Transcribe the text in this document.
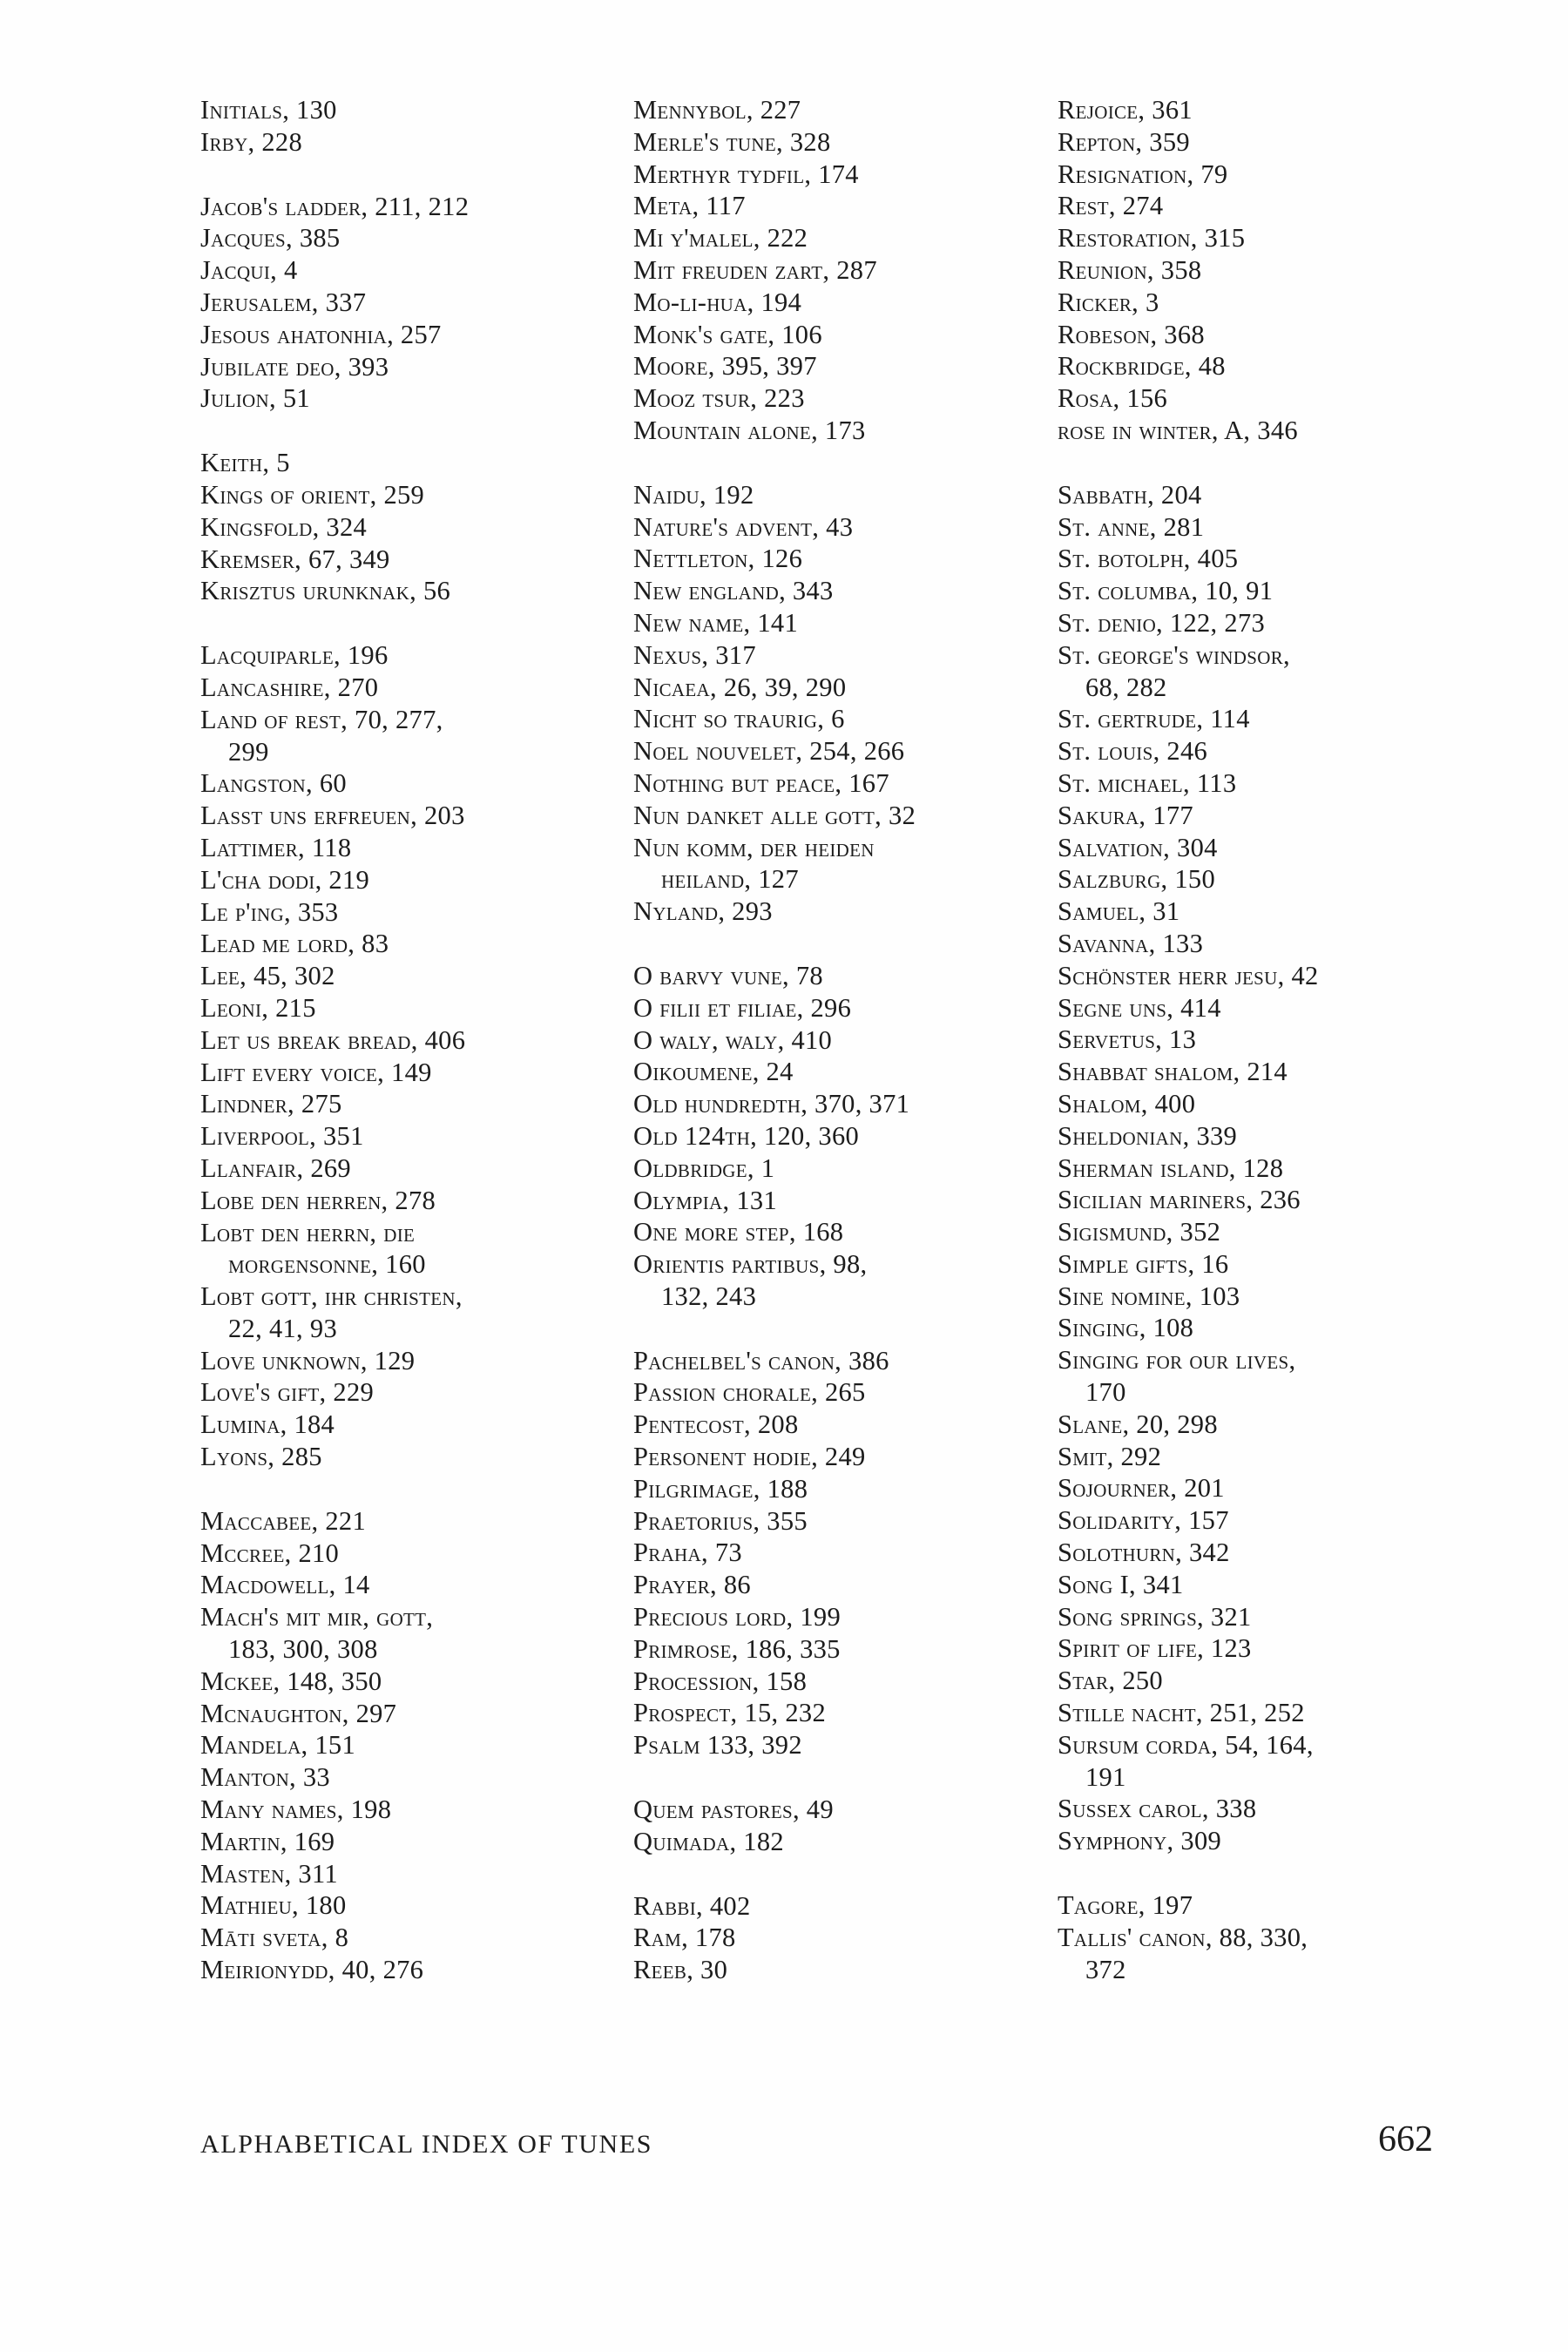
Initials, 130
Irby, 228
Jacob's ladder, 211, 212
Jacques, 385
Jacqui, 4
Jerusalem, 337
Jesous ahatonhia, 257
Jubilate deo, 393
Julion, 51
Keith, 5
Kings of orient, 259
Kingsfold, 324
Kremser, 67, 349
Krisztus urunknak, 56
Lacquiparle, 196
Lancashire, 270
Land of rest, 70, 277,
299
Langston, 60
Lasst uns erfreuen, 203
Lattimer, 118
L'cha dodi, 219
Le p'ing, 353
Lead me lord, 83
Lee, 45, 302
Leoni, 215
Let us break bread, 406
Lift every voice, 149
Lindner, 275
Liverpool, 351
Llanfair, 269
Lobe den herren, 278
Lobt den herrn, die
morgensonne, 160
Lobt gott, ihr christen,
22, 41, 93
Love unknown, 129
Love's gift, 229
Lumina, 184
Lyons, 285
Maccabee, 221
Mccree, 210
Macdowell, 14
Mach's mit mir, gott,
183, 300, 308
Mckee, 148, 350
Mcnaughton, 297
Mandela, 151
Manton, 33
Many names, 198
Martin, 169
Masten, 311
Mathieu, 180
Māti sveta, 8
Meirionydd, 40, 276
Mennybol, 227
Merle's tune, 328
Merthyr tydfil, 174
Meta, 117
Mi y'malel, 222
Mit freuden zart, 287
Mo-li-hua, 194
Monk's gate, 106
Moore, 395, 397
Mooz tsur, 223
Mountain alone, 173
Naidu, 192
Nature's advent, 43
Nettleton, 126
New england, 343
New name, 141
Nexus, 317
Nicaea, 26, 39, 290
Nicht so traurig, 6
Noel nouvelet, 254, 266
Nothing but peace, 167
Nun danket alle gott, 32
Nun komm, der heiden
heiland, 127
Nyland, 293
O barvy vune, 78
O filii et filiae, 296
O waly, waly, 410
Oikoumene, 24
Old hundredth, 370, 371
Old 124th, 120, 360
Oldbridge, 1
Olympia, 131
One more step, 168
Orientis partibus, 98,
132, 243
Pachelbel's canon, 386
Passion chorale, 265
Pentecost, 208
Personent hodie, 249
Pilgrimage, 188
Praetorius, 355
Praha, 73
Prayer, 86
Precious lord, 199
Primrose, 186, 335
Procession, 158
Prospect, 15, 232
Psalm 133, 392
Quem pastores, 49
Quimada, 182
Rabbi, 402
Ram, 178
Reeb, 30
Rejoice, 361
Repton, 359
Resignation, 79
Rest, 274
Restoration, 315
Reunion, 358
Ricker, 3
Robeson, 368
Rockbridge, 48
Rosa, 156
rose in winter, A, 346
Sabbath, 204
St. anne, 281
St. botolph, 405
St. columba, 10, 91
St. denio, 122, 273
St. george's windsor,
68, 282
St. gertrude, 114
St. louis, 246
St. michael, 113
Sakura, 177
Salvation, 304
Salzburg, 150
Samuel, 31
Savanna, 133
Schönster herr jesu, 42
Segne uns, 414
Servetus, 13
Shabbat shalom, 214
Shalom, 400
Sheldonian, 339
Sherman island, 128
Sicilian mariners, 236
Sigismund, 352
Simple gifts, 16
Sine nomine, 103
Singing, 108
Singing for our lives,
170
Slane, 20, 298
Smit, 292
Sojourner, 201
Solidarity, 157
Solothurn, 342
Song I, 341
Song springs, 321
Spirit of life, 123
Star, 250
Stille nacht, 251, 252
Sursum corda, 54, 164,
191
Sussex carol, 338
Symphony, 309
Tagore, 197
Tallis' canon, 88, 330,
372
ALPHABETICAL INDEX OF TUNES	662
